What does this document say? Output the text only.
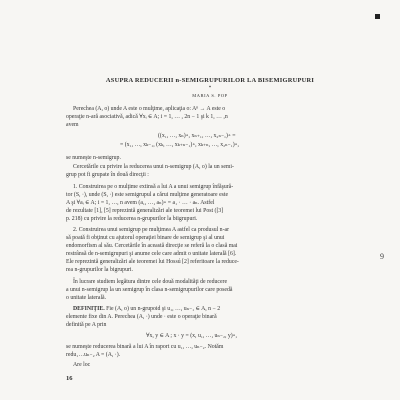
9
ASUPRA REDUCERII n-SEMIGRUPURILOR LA BISEMIGRUPURI
*
MARIA S. POP
Perechea (A, o) unde A este o mulţime, aplicaţia o: Aⁿ → A este o
operaţie n-ară asociativă, adică ∀xᵢ ∈ A; i = 1, … , 2n − 1 şi k 1, … ,n
avem
((x₁, …, xₙ)∘, xₙ₊₁, …, x₂ₙ₋₁)∘ =
= (x₁, …, xₖ₋₁, (xₖ, …, xₖ₊ₙ₋₁)∘, xₖ₊ₙ, …, x₂ₙ₋₁)∘,
se numeşte n-semigrup.
Cercetările cu privire la reducerea unui n-semigrup (A, o) la un semi-
grup pot fi grupate în două direcţii :
1. Construirea pe o mulţime extinsă a lui A a unui semigrup înfăşură-
tor (S, ·), unde (S, ·) este semigrupul a cărui mulţime generatoare este
A şi ∀aᵢ ∈ A; i = 1, …, n avem (a₁, …, aₙ)∘ = a₁ · … · aₙ. Astfel
de rezultate [1], [5] reprezintă generalizări ale teoremei lui Post ([3]
p. 218) cu privire la reducerea n-grupurilor la biigrupuri.
2. Construirea unui semigrup pe mulţimea A astfel ca produsul n-ar
să poată fi obţinut cu ajutorul operaţiei binare de semigrup şi al unui
endomorfism al său. Cercetările în această direcţie se referă la o clasă mai
restrânsă de n-semigrupuri şi anume cele care admit o unitate laterală [6].
Ele reprezintă generalizări ale teoremei lui Hossú [2] referitoare la reduce-
rea n-grupurilor la bigrupuri.
În lucrare studiem legătura dintre cele două modalităţi de reducere
a unui n-semigrup la un semigrup în clasa n-semigrupurilor care posedă
o unitate laterală.
DEFINIŢIE. Fie (A, o) un n-grupoid şi u₁, …, uₙ₋₁ ∈ A, n − 2
elemente fixe din A. Perechea (A, ·) unde · este o operaţie binară
definită pe A prin
∀x, y ∈ A ; x · y = (x, u₁, …, uₙ₋₂, y)∘,
se numeşte reducerea binară a lui A în raport cu u₁, …, uₙ₋₂. Notăm
redu₁…uₙ₋₂ A = (A, ·).
Are loc
16
